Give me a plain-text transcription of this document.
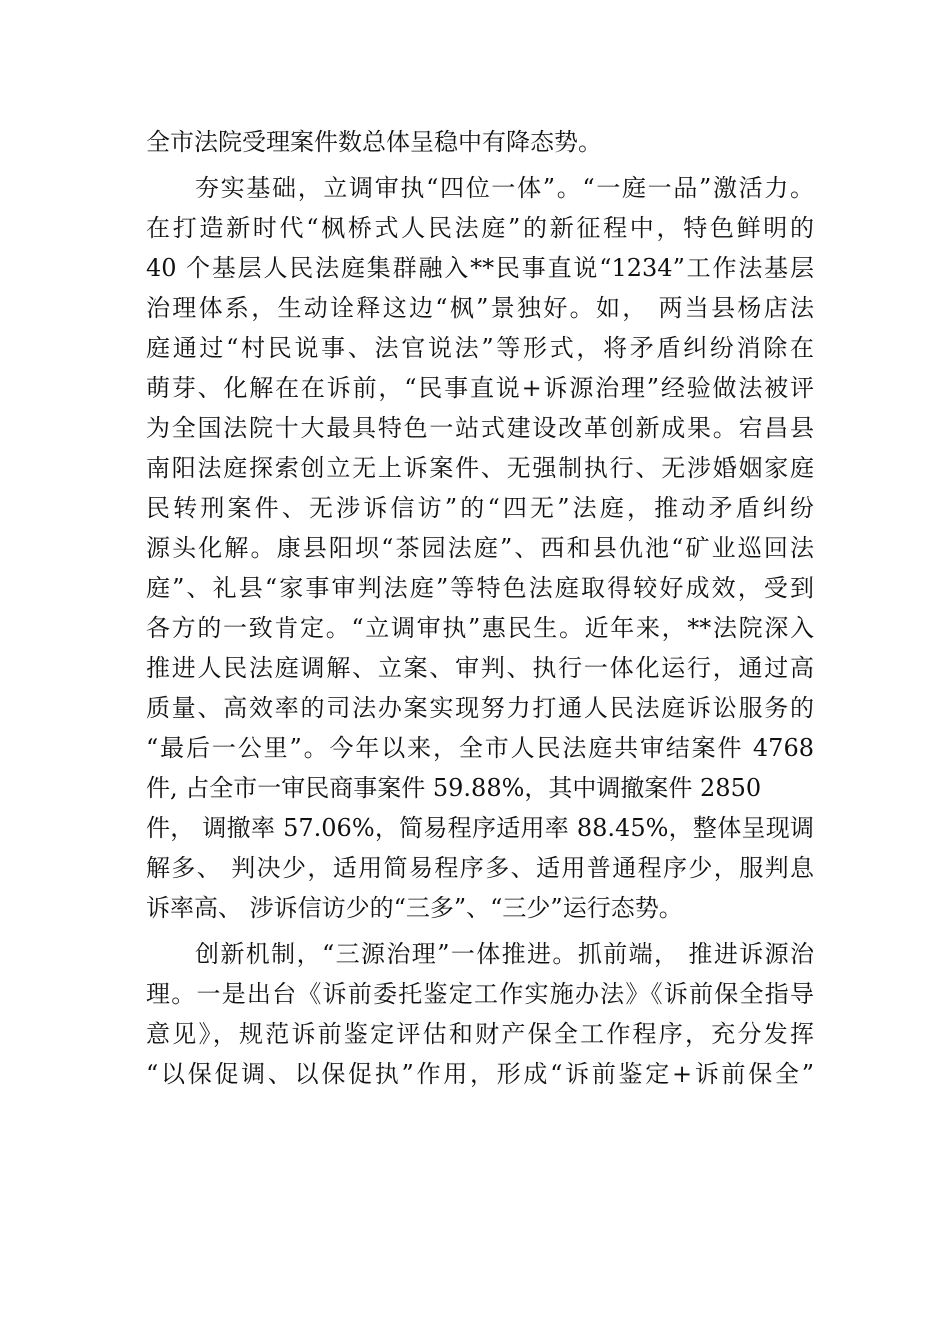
全市法院受理案件数总体呈稳中有降态势。
夯实基础，立调审执“四位一体”。“一庭一品”激活力。
在打造新时代“枫桥式人民法庭”的新征程中，特色鲜明的
40 个基层人民法庭集群融入**民事直说“1234”工作法基层
治理体系，生动诠释这边“枫”景独好。如， 两当县杨店法
庭通过“村民说事、法官说法”等形式，将矛盾纠纷消除在
萌芽、化解在在诉前，“民事直说+诉源治理”经验做法被评
为全国法院十大最具特色一站式建设改革创新成果。宕昌县
南阳法庭探索创立无上诉案件、无强制执行、无涉婚姻家庭
民转刑案件、无涉诉信访”的“四无”法庭，推动矛盾纠纷
源头化解。康县阳坝“茶园法庭”、西和县仇池“矿业巡回法
庭”、礼县“家事审判法庭”等特色法庭取得较好成效，受到
各方的一致肯定。“立调审执”惠民生。近年来，**法院深入
推进人民法庭调解、立案、审判、执行一体化运行，通过高
质量、高效率的司法办案实现努力打通人民法庭诉讼服务的
“最后一公里”。今年以来，全市人民法庭共审结案件 4768
件, 占全市一审民商事案件 59.88%，其中调撤案件 2850
件， 调撤率 57.06%，简易程序适用率 88.45%，整体呈现调
解多、 判决少，适用简易程序多、适用普通程序少，服判息
诉率高、 涉诉信访少的“三多”、“三少”运行态势。
创新机制，“三源治理”一体推进。抓前端， 推进诉源治
理。一是出台《诉前委托鉴定工作实施办法》《诉前保全指导
意见》，规范诉前鉴定评估和财产保全工作程序，充分发挥
“以保促调、以保促执”作用，形成“诉前鉴定+诉前保全”
